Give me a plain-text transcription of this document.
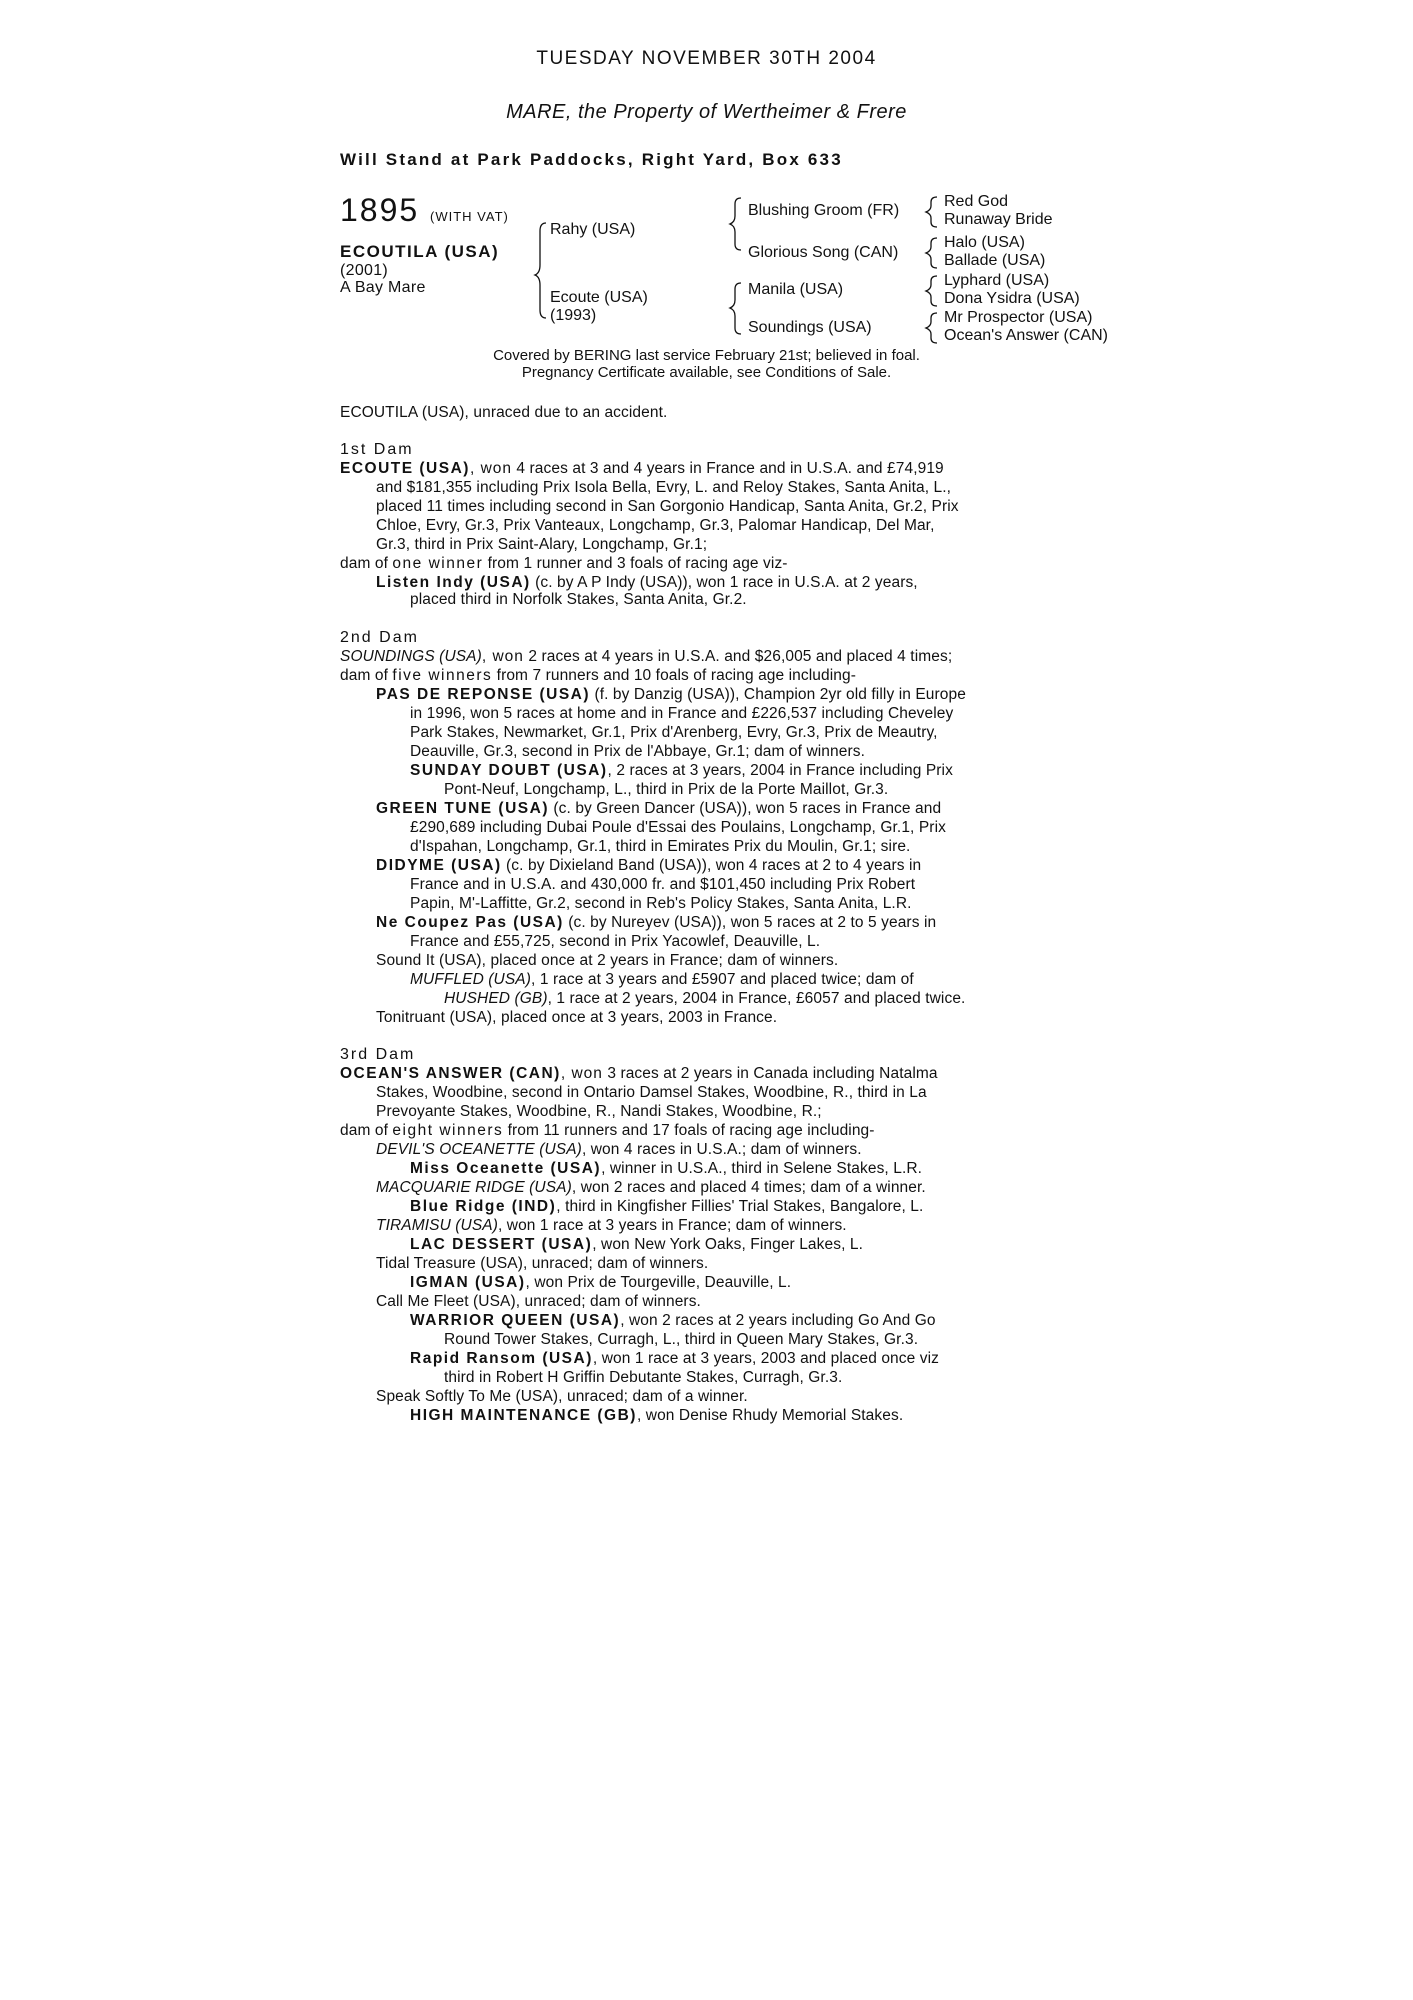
TUESDAY NOVEMBER 30TH 2004
MARE, the Property of Wertheimer & Frere
Will Stand at Park Paddocks, Right Yard, Box 633
1895 (WITH VAT)
ECOUTILA (USA)
(2001)
A Bay Mare
Rahy (USA)
Ecoute (USA)
(1993)
Blushing Groom (FR)
Glorious Song (CAN)
Manila (USA)
Soundings (USA)
Red God
Runaway Bride
Halo (USA)
Ballade (USA)
Lyphard (USA)
Dona Ysidra (USA)
Mr Prospector (USA)
Ocean's Answer (CAN)
Covered by BERING last service February 21st; believed in foal.
Pregnancy Certificate available, see Conditions of Sale.
ECOUTILA (USA), unraced due to an accident.
1st Dam
ECOUTE (USA), won 4 races at 3 and 4 years in France and in U.S.A. and £74,919
and $181,355 including Prix Isola Bella, Evry, L. and Reloy Stakes, Santa Anita, L.,
placed 11 times including second in San Gorgonio Handicap, Santa Anita, Gr.2, Prix
Chloe, Evry, Gr.3, Prix Vanteaux, Longchamp, Gr.3, Palomar Handicap, Del Mar,
Gr.3, third in Prix Saint-Alary, Longchamp, Gr.1;
dam of one winner from 1 runner and 3 foals of racing age viz-
Listen Indy (USA) (c. by A P Indy (USA)), won 1 race in U.S.A. at 2 years,
placed third in Norfolk Stakes, Santa Anita, Gr.2.
2nd Dam
SOUNDINGS (USA), won 2 races at 4 years in U.S.A. and $26,005 and placed 4 times;
dam of five winners from 7 runners and 10 foals of racing age including-
PAS DE REPONSE (USA) (f. by Danzig (USA)), Champion 2yr old filly in Europe
in 1996, won 5 races at home and in France and £226,537 including Cheveley
Park Stakes, Newmarket, Gr.1, Prix d'Arenberg, Evry, Gr.3, Prix de Meautry,
Deauville, Gr.3, second in Prix de l'Abbaye, Gr.1; dam of winners.
SUNDAY DOUBT (USA), 2 races at 3 years, 2004 in France including Prix
Pont-Neuf, Longchamp, L., third in Prix de la Porte Maillot, Gr.3.
GREEN TUNE (USA) (c. by Green Dancer (USA)), won 5 races in France and
£290,689 including Dubai Poule d'Essai des Poulains, Longchamp, Gr.1, Prix
d'Ispahan, Longchamp, Gr.1, third in Emirates Prix du Moulin, Gr.1; sire.
DIDYME (USA) (c. by Dixieland Band (USA)), won 4 races at 2 to 4 years in
France and in U.S.A. and 430,000 fr. and $101,450 including Prix Robert
Papin, M'-Laffitte, Gr.2, second in Reb's Policy Stakes, Santa Anita, L.R.
Ne Coupez Pas (USA) (c. by Nureyev (USA)), won 5 races at 2 to 5 years in
France and £55,725, second in Prix Yacowlef, Deauville, L.
Sound It (USA), placed once at 2 years in France; dam of winners.
MUFFLED (USA), 1 race at 3 years and £5907 and placed twice; dam of
HUSHED (GB), 1 race at 2 years, 2004 in France, £6057 and placed twice.
Tonitruant (USA), placed once at 3 years, 2003 in France.
3rd Dam
OCEAN'S ANSWER (CAN), won 3 races at 2 years in Canada including Natalma
Stakes, Woodbine, second in Ontario Damsel Stakes, Woodbine, R., third in La
Prevoyante Stakes, Woodbine, R., Nandi Stakes, Woodbine, R.;
dam of eight winners from 11 runners and 17 foals of racing age including-
DEVIL'S OCEANETTE (USA), won 4 races in U.S.A.; dam of winners.
Miss Oceanette (USA), winner in U.S.A., third in Selene Stakes, L.R.
MACQUARIE RIDGE (USA), won 2 races and placed 4 times; dam of a winner.
Blue Ridge (IND), third in Kingfisher Fillies' Trial Stakes, Bangalore, L.
TIRAMISU (USA), won 1 race at 3 years in France; dam of winners.
LAC DESSERT (USA), won New York Oaks, Finger Lakes, L.
Tidal Treasure (USA), unraced; dam of winners.
IGMAN (USA), won Prix de Tourgeville, Deauville, L.
Call Me Fleet (USA), unraced; dam of winners.
WARRIOR QUEEN (USA), won 2 races at 2 years including Go And Go
Round Tower Stakes, Curragh, L., third in Queen Mary Stakes, Gr.3.
Rapid Ransom (USA), won 1 race at 3 years, 2003 and placed once viz
third in Robert H Griffin Debutante Stakes, Curragh, Gr.3.
Speak Softly To Me (USA), unraced; dam of a winner.
HIGH MAINTENANCE (GB), won Denise Rhudy Memorial Stakes.
